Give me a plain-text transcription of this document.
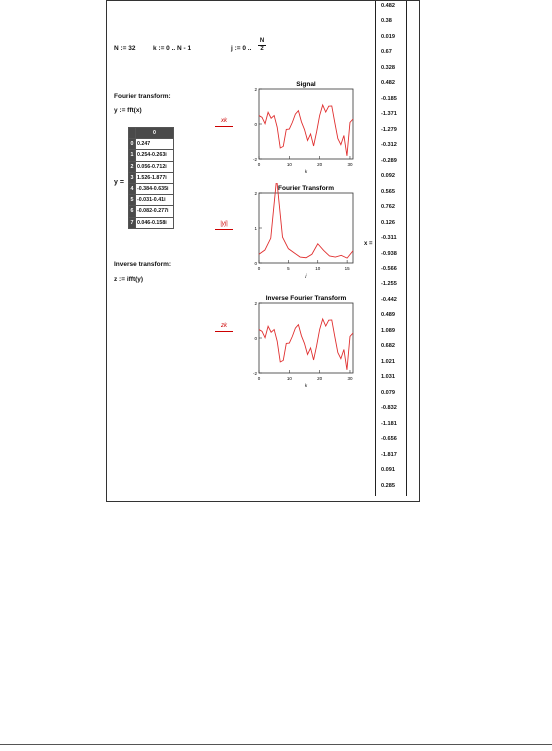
N := 32	k := 0 .. N - 1	j := 0 .. $\frac{N}{2}$
Fourier transform:
y := fft(x)
y =
	0
0	0.247
1	0.254-0.263i
2	0.056-0.712i
3	1.526-1.877i
4	-0.384-0.635i
5	-0.031-0.41i
6	-0.082-0.277i
7	0.046-0.158i
Inverse transform:
z := ifft(y)
xk
|yj|
zk
Signal
-2
0
2
0	10	20	30
k
Fourier Transform
0
1
2
0	5	10	15
j
Inverse Fourier Transform
-2
0
2
0	10	20	30
k
x =
0.482
0.38
0.019
0.67
0.328
0.482
-0.185
-1.371
-1.279
-0.312
-0.289
0.092
0.565
0.762
0.126
-0.311
-0.938
-0.566
-1.255
-0.442
0.489
1.089
0.682
1.021
1.031
0.079
-0.832
-1.181
-0.656
-1.817
0.091
0.285
